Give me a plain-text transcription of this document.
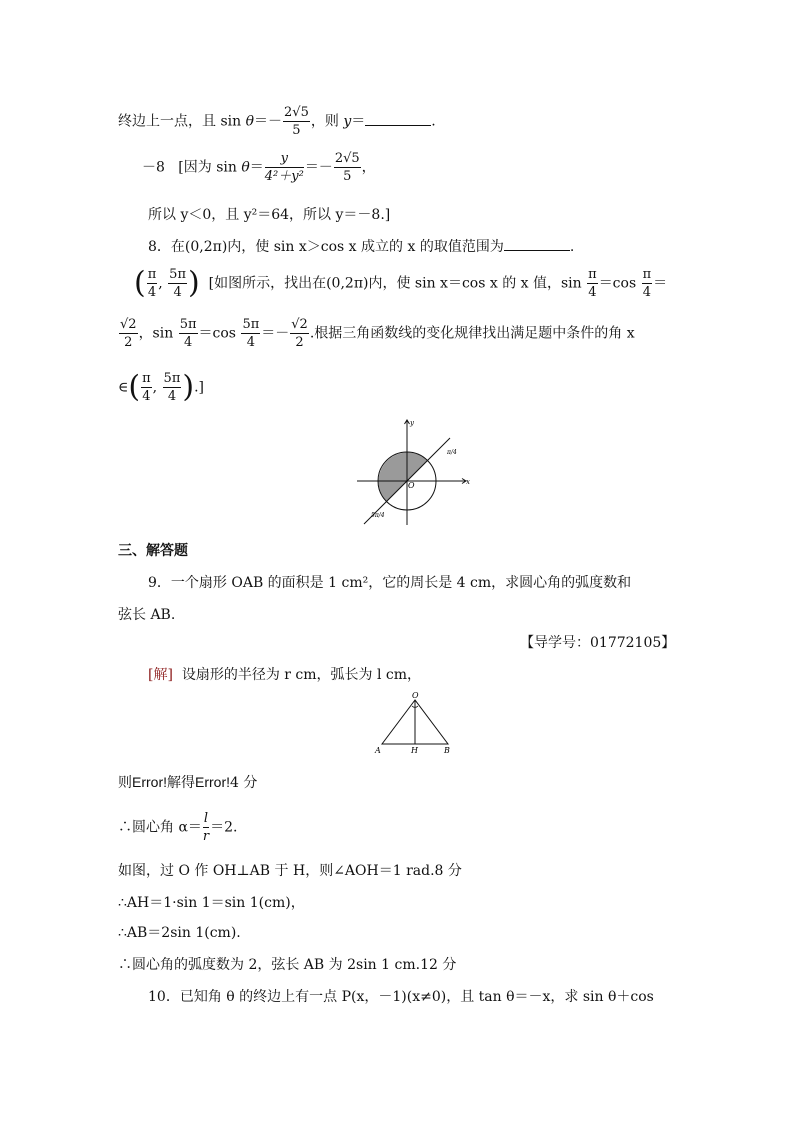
终边上一点，且 $\sin \theta=- \frac{2√5}{5}$ ，则 y＝	.
－8 [因为 $\sin \theta= \frac{y}{\text{4²＋y²}} =- \frac{2√5}{5}$ ，
所以 y＜0，且 y²＝64，所以 y＝－8.]
8．在(0,2π)内，使 sin x＞cos x 成立的 x 的取值范围为	.
( $\frac{\pi}{4}$ , $\frac{5\pi}{4}$ ) [如图所示，找出在(0,2π)内，使 sin x＝cos x 的 x 值，$\sin \frac{\pi}{4} =\cos \frac{\pi}{4}$ ＝
$\frac{√2}{2}$ ，$\sin \frac{5\pi}{4} =\cos \frac{5\pi}{4} =- \frac{√2}{2}$ .根据三角函数线的变化规律找出满足题中条件的角 x
∈( $\frac{\pi}{4}$ , $\frac{5\pi}{4}$ ).]
y
x
O
π/4
5π/4
三、解答题
9．一个扇形 OAB 的面积是 1 cm²，它的周长是 4 cm，求圆心角的弧度数和
弦长 AB.
【导学号：01772105】
[解] 设扇形的半径为 r cm，弧长为 l cm，
O
A	H	B
则Error!解得Error!4 分
∴圆心角 $\alpha= \frac{l}{r} =2$.
如图，过 O 作 OH⊥AB 于 H，则∠AOH＝1 rad.8 分
∴AH＝1·sin 1＝sin 1(cm)，
∴AB＝2sin 1(cm).
∴圆心角的弧度数为 2，弦长 AB 为 2sin 1 cm.12 分
10．已知角 θ 的终边上有一点 P(x，－1)(x≠0)，且 tan θ＝－x，求 sin θ＋cos
